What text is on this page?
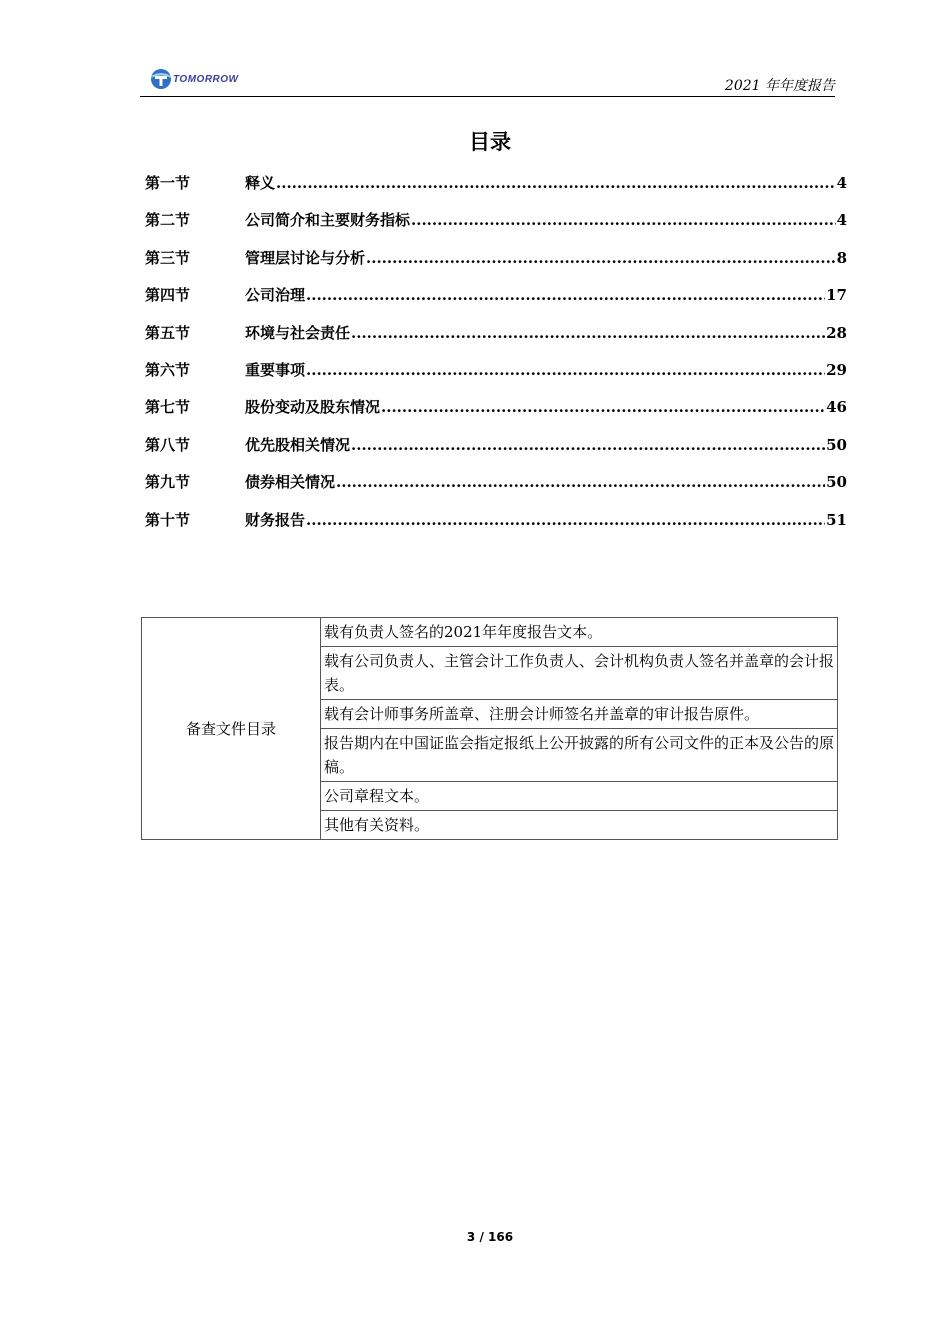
TOMORROW	2021 年年度报告
目录
第一节	释义 .....	4
第二节	公司简介和主要财务指标 .....	4
第三节	管理层讨论与分析 .....	8
第四节	公司治理 .....	17
第五节	环境与社会责任 .....	28
第六节	重要事项 .....	29
第七节	股份变动及股东情况 .....	46
第八节	优先股相关情况 .....	50
第九节	债券相关情况 .....	50
第十节	财务报告 .....	51
备查文件目录	载有负责人签名的2021年年度报告文本。
载有公司负责人、主管会计工作负责人、会计机构负责人签名并盖章的会计报表。
载有会计师事务所盖章、注册会计师签名并盖章的审计报告原件。
报告期内在中国证监会指定报纸上公开披露的所有公司文件的正本及公告的原稿。
公司章程文本。
其他有关资料。
3 / 166
